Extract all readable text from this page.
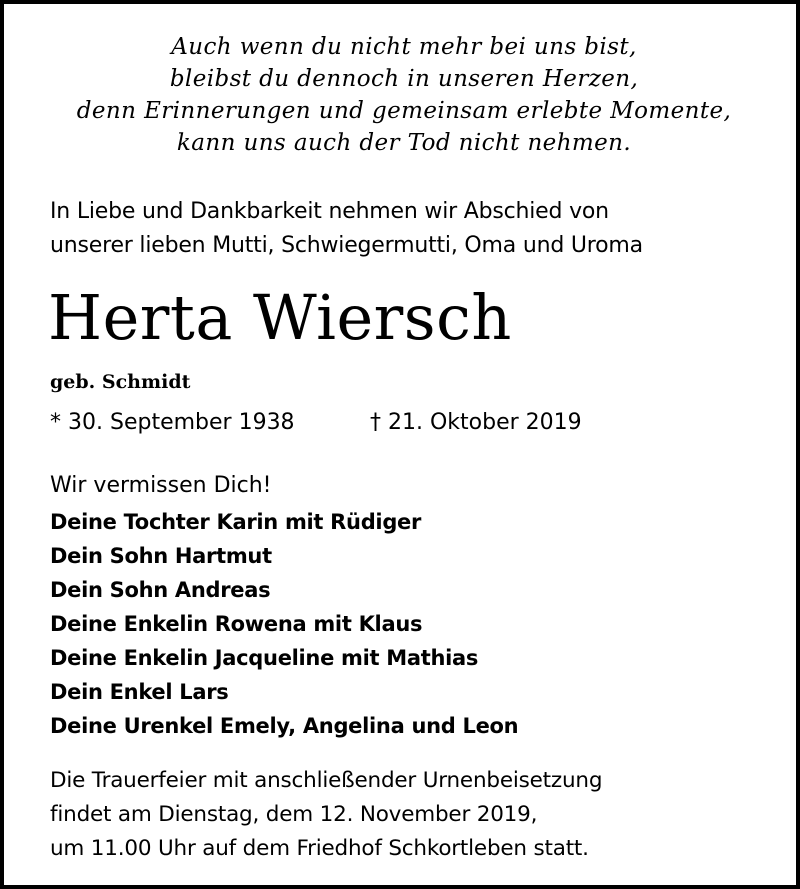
Auch wenn du nicht mehr bei uns bist,
bleibst du dennoch in unseren Herzen,
denn Erinnerungen und gemeinsam erlebte Momente,
kann uns auch der Tod nicht nehmen.
In Liebe und Dankbarkeit nehmen wir Abschied von
unserer lieben Mutti, Schwiegermutti, Oma und Uroma
Herta Wiersch
geb. Schmidt
* 30. September 1938	† 21. Oktober 2019
Wir vermissen Dich!
Deine Tochter Karin mit Rüdiger
Dein Sohn Hartmut
Dein Sohn Andreas
Deine Enkelin Rowena mit Klaus
Deine Enkelin Jacqueline mit Mathias
Dein Enkel Lars
Deine Urenkel Emely, Angelina und Leon
Die Trauerfeier mit anschließender Urnenbeisetzung
findet am Dienstag, dem 12. November 2019,
um 11.00 Uhr auf dem Friedhof Schkortleben statt.
